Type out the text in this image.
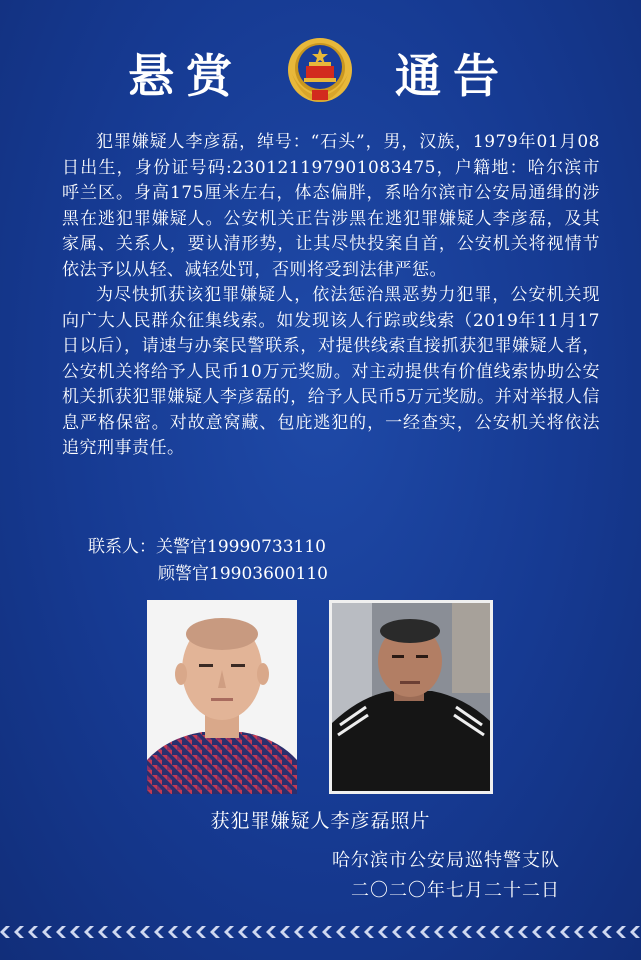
悬赏	通告

犯罪嫌疑人李彦磊，绰号：“石头”，男，汉族，1979年01月08日出生，身份证号码:230121197901083475，户籍地：哈尔滨市呼兰区。身高175厘米左右，体态偏胖，系哈尔滨市公安局通缉的涉黑在逃犯罪嫌疑人。公安机关正告涉黑在逃犯罪嫌疑人李彦磊，及其家属、关系人，要认清形势，让其尽快投案自首，公安机关将视情节依法予以从轻、减轻处罚，否则将受到法律严惩。

为尽快抓获该犯罪嫌疑人，依法惩治黑恶势力犯罪，公安机关现向广大人民群众征集线索。如发现该人行踪或线索（2019年11月17日以后），请速与办案民警联系，对提供线索直接抓获犯罪嫌疑人者，公安机关将给予人民币10万元奖励。对主动提供有价值线索协助公安机关抓获犯罪嫌疑人李彦磊的，给予人民币5万元奖励。并对举报人信息严格保密。对故意窝藏、包庇逃犯的，一经查实，公安机关将依法追究刑事责任。

联系人：关警官19990733110
顾警官19903600110
获犯罪嫌疑人李彦磊照片
哈尔滨市公安局巡特警支队
二〇二〇年七月二十二日
